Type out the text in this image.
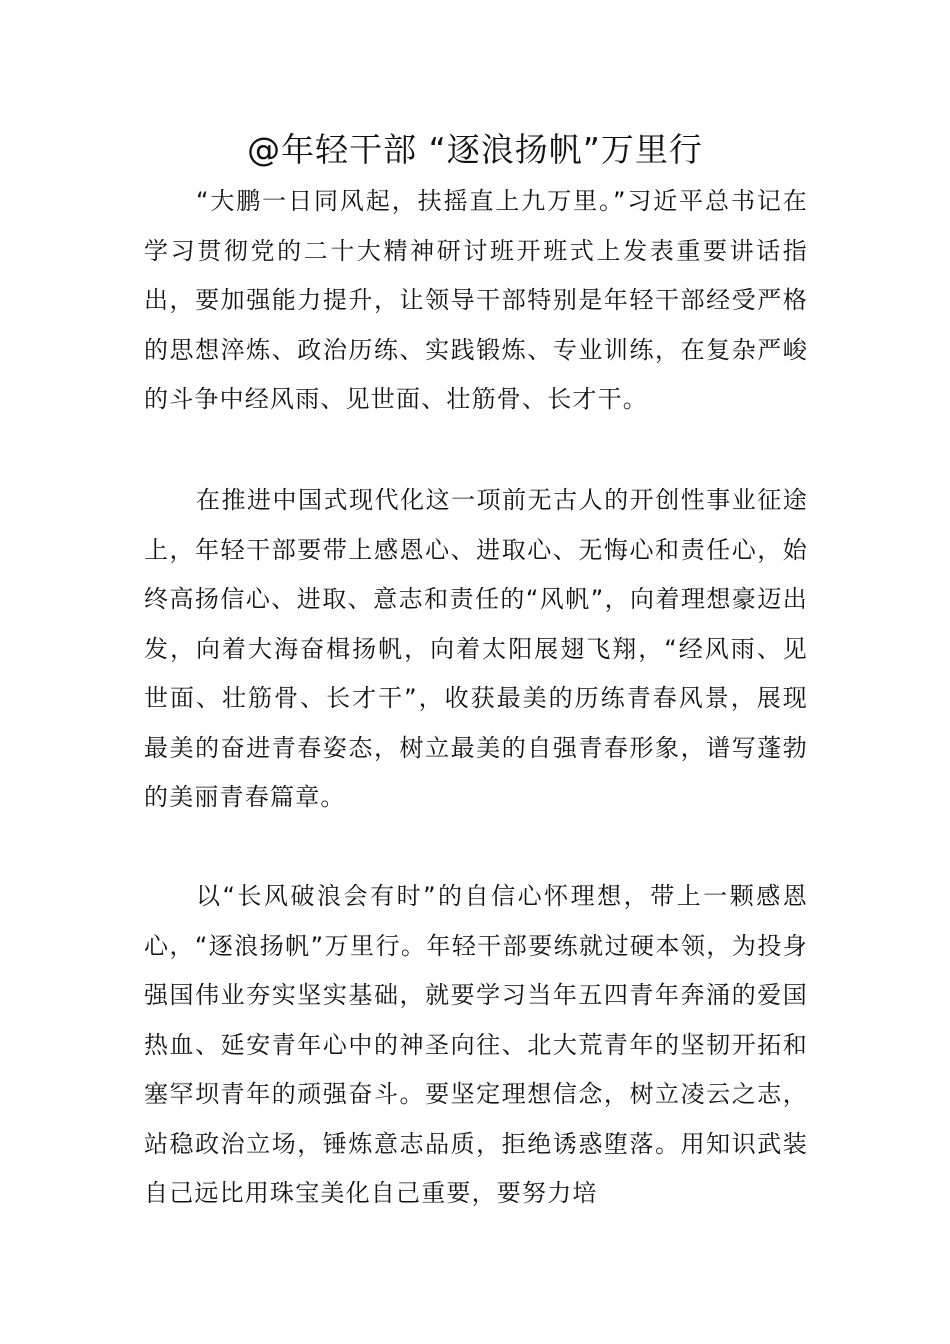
@年轻干部 “逐浪扬帆”万里行
“大鹏一日同风起，扶摇直上九万里。”习近平总书记在学习贯彻党的二十大精神研讨班开班式上发表重要讲话指出，要加强能力提升，让领导干部特别是年轻干部经受严格的思想淬炼、政治历练、实践锻炼、专业训练，在复杂严峻的斗争中经风雨、见世面、壮筋骨、长才干。
在推进中国式现代化这一项前无古人的开创性事业征途上，年轻干部要带上感恩心、进取心、无悔心和责任心，始终高扬信心、进取、意志和责任的“风帆”，向着理想豪迈出发，向着大海奋楫扬帆，向着太阳展翅飞翔，“经风雨、见世面、壮筋骨、长才干”，收获最美的历练青春风景，展现最美的奋进青春姿态，树立最美的自强青春形象，谱写蓬勃的美丽青春篇章。
以“长风破浪会有时”的自信心怀理想，带上一颗感恩心，“逐浪扬帆”万里行。年轻干部要练就过硬本领，为投身强国伟业夯实坚实基础，就要学习当年五四青年奔涌的爱国热血、延安青年心中的神圣向往、北大荒青年的坚韧开拓和塞罕坝青年的顽强奋斗。要坚定理想信念，树立凌云之志，站稳政治立场，锤炼意志品质，拒绝诱惑堕落。用知识武装自己远比用珠宝美化自己重要，要努力培
